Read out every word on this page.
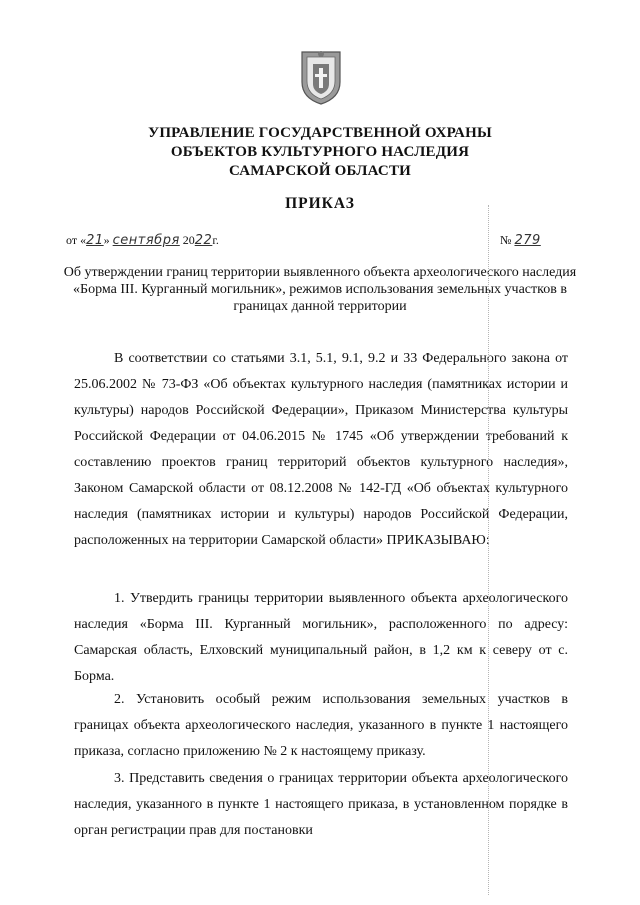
УПРАВЛЕНИЕ ГОСУДАРСТВЕННОЙ ОХРАНЫ
ОБЪЕКТОВ КУЛЬТУРНОГО НАСЛЕДИЯ
САМАРСКОЙ ОБЛАСТИ
ПРИКАЗ
от «21» сентября 2022г.	№ 279
Об утверждении границ территории выявленного объекта археологического наследия «Борма III. Курганный могильник», режимов использования земельных участков в границах данной территории
В соответствии со статьями 3.1, 5.1, 9.1, 9.2 и 33 Федерального закона от 25.06.2002 № 73-ФЗ «Об объектах культурного наследия (памятниках истории и культуры) народов Российской Федерации», Приказом Министерства культуры Российской Федерации от 04.06.2015 № 1745 «Об утверждении требований к составлению проектов границ территорий объектов культурного наследия», Законом Самарской области от 08.12.2008 № 142-ГД «Об объектах культурного наследия (памятниках истории и культуры) народов Российской Федерации, расположенных на территории Самарской области» ПРИКАЗЫВАЮ:
1. Утвердить границы территории выявленного объекта археологического наследия «Борма III. Курганный могильник», расположенного по адресу: Самарская область, Елховский муниципальный район, в 1,2 км к северу от с. Борма.
2. Установить особый режим использования земельных участков в границах объекта археологического наследия, указанного в пункте 1 настоящего приказа, согласно приложению № 2 к настоящему приказу.
3. Представить сведения о границах территории объекта археологического наследия, указанного в пункте 1 настоящего приказа, в установленном порядке в орган регистрации прав для постановки
